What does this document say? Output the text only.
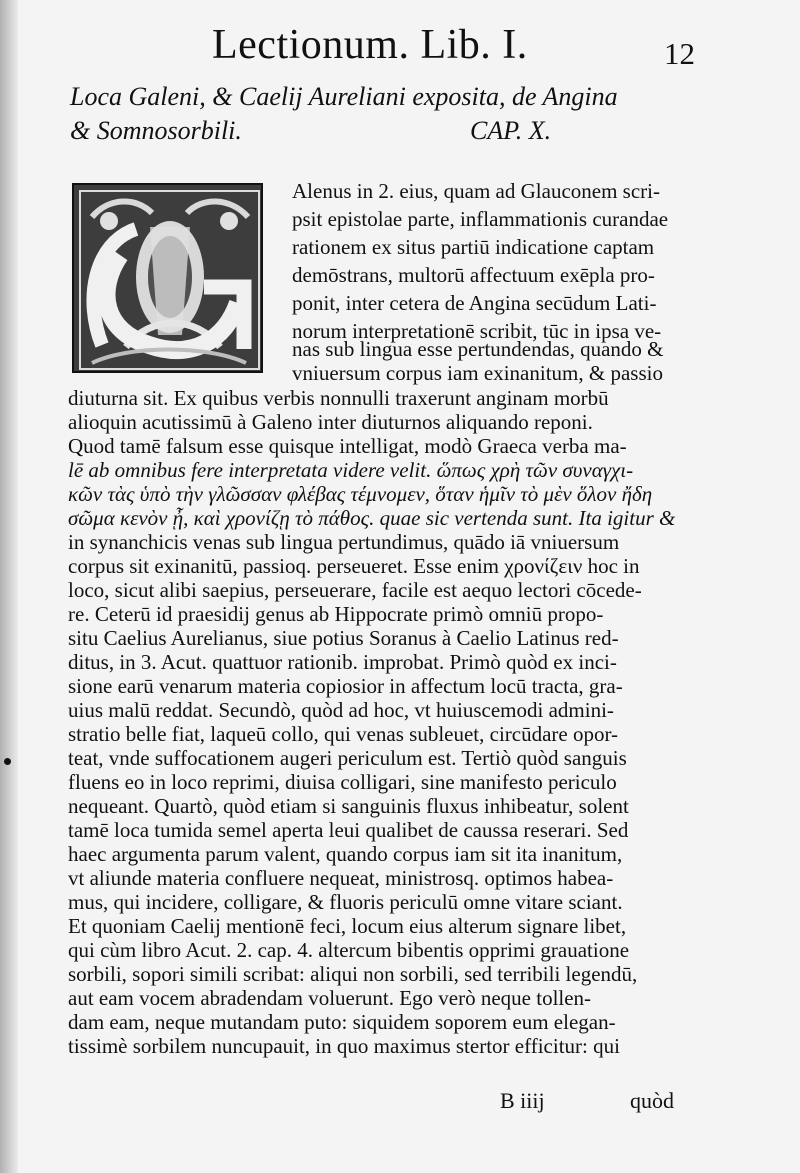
Lectionum. Lib. I.	12
Loca Galeni, & Caelij Aureliani exposita, de Angina
& Somnosorbili.	CAP. X.
Alenus in 2. eius, quam ad Glauconem scri-
psit epistolae parte, inflammationis curandae
rationem ex situs partiū indicatione captam
demōstrans, multorū affectuum exēpla pro-
ponit, inter cetera de Angina secūdum Lati-
norum interpretationē scribit, tūc in ipsa ve-
nas sub lingua esse pertundendas, quando &
vniuersum corpus iam exinanitum, & passio
diuturna sit. Ex quibus verbis nonnulli traxerunt anginam morbū
alioquin acutissimū à Galeno inter diuturnos aliquando reponi.
Quod tamē falsum esse quisque intelligat, modò Graeca verba ma-
lē ab omnibus fere interpretata videre velit. ὥπως χρὴ τῶν συναγχι-
κῶν τὰς ὑπὸ τὴν γλῶσσαν φλέβας τέμνομεν, ὅταν ἡμῖν τὸ μὲν ὅλον ἤδη
σῶμα κενὸν ᾖ, καὶ χρονίζῃ τὸ πάθος. quae sic vertenda sunt. Ita igitur &
in synanchicis venas sub lingua pertundimus, quādo iā vniuersum
corpus sit exinanitū, passioq. perseueret. Esse enim χρονίζειν hoc in
loco, sicut alibi saepius, perseuerare, facile est aequo lectori cōcede-
re. Ceterū id praesidij genus ab Hippocrate primò omniū propo-
situ Caelius Aurelianus, siue potius Soranus à Caelio Latinus red-
ditus, in 3. Acut. quattuor rationib. improbat. Primò quòd ex inci-
sione earū venarum materia copiosior in affectum locū tracta, gra-
uius malū reddat. Secundò, quòd ad hoc, vt huiuscemodi admini-
stratio belle fiat, laqueū collo, qui venas subleuet, circūdare opor-
teat, vnde suffocationem augeri periculum est. Tertiò quòd sanguis
fluens eo in loco reprimi, diuisa colligari, sine manifesto periculo
nequeant. Quartò, quòd etiam si sanguinis fluxus inhibeatur, solent
tamē loca tumida semel aperta leui qualibet de caussa reserari. Sed
haec argumenta parum valent, quando corpus iam sit ita inanitum,
vt aliunde materia confluere nequeat, ministrosq. optimos habea-
mus, qui incidere, colligare, & fluoris periculū omne vitare sciant.
Et quoniam Caelij mentionē feci, locum eius alterum signare libet,
qui cùm libro Acut. 2. cap. 4. altercum bibentis opprimi grauatione
sorbili, sopori simili scribat: aliqui non sorbili, sed terribili legendū,
aut eam vocem abradendam voluerunt. Ego verò neque tollen-
dam eam, neque mutandam puto: siquidem soporem eum elegan-
tissimè sorbilem nuncupauit, in quo maximus stertor efficitur: qui
B iiij	quòd
